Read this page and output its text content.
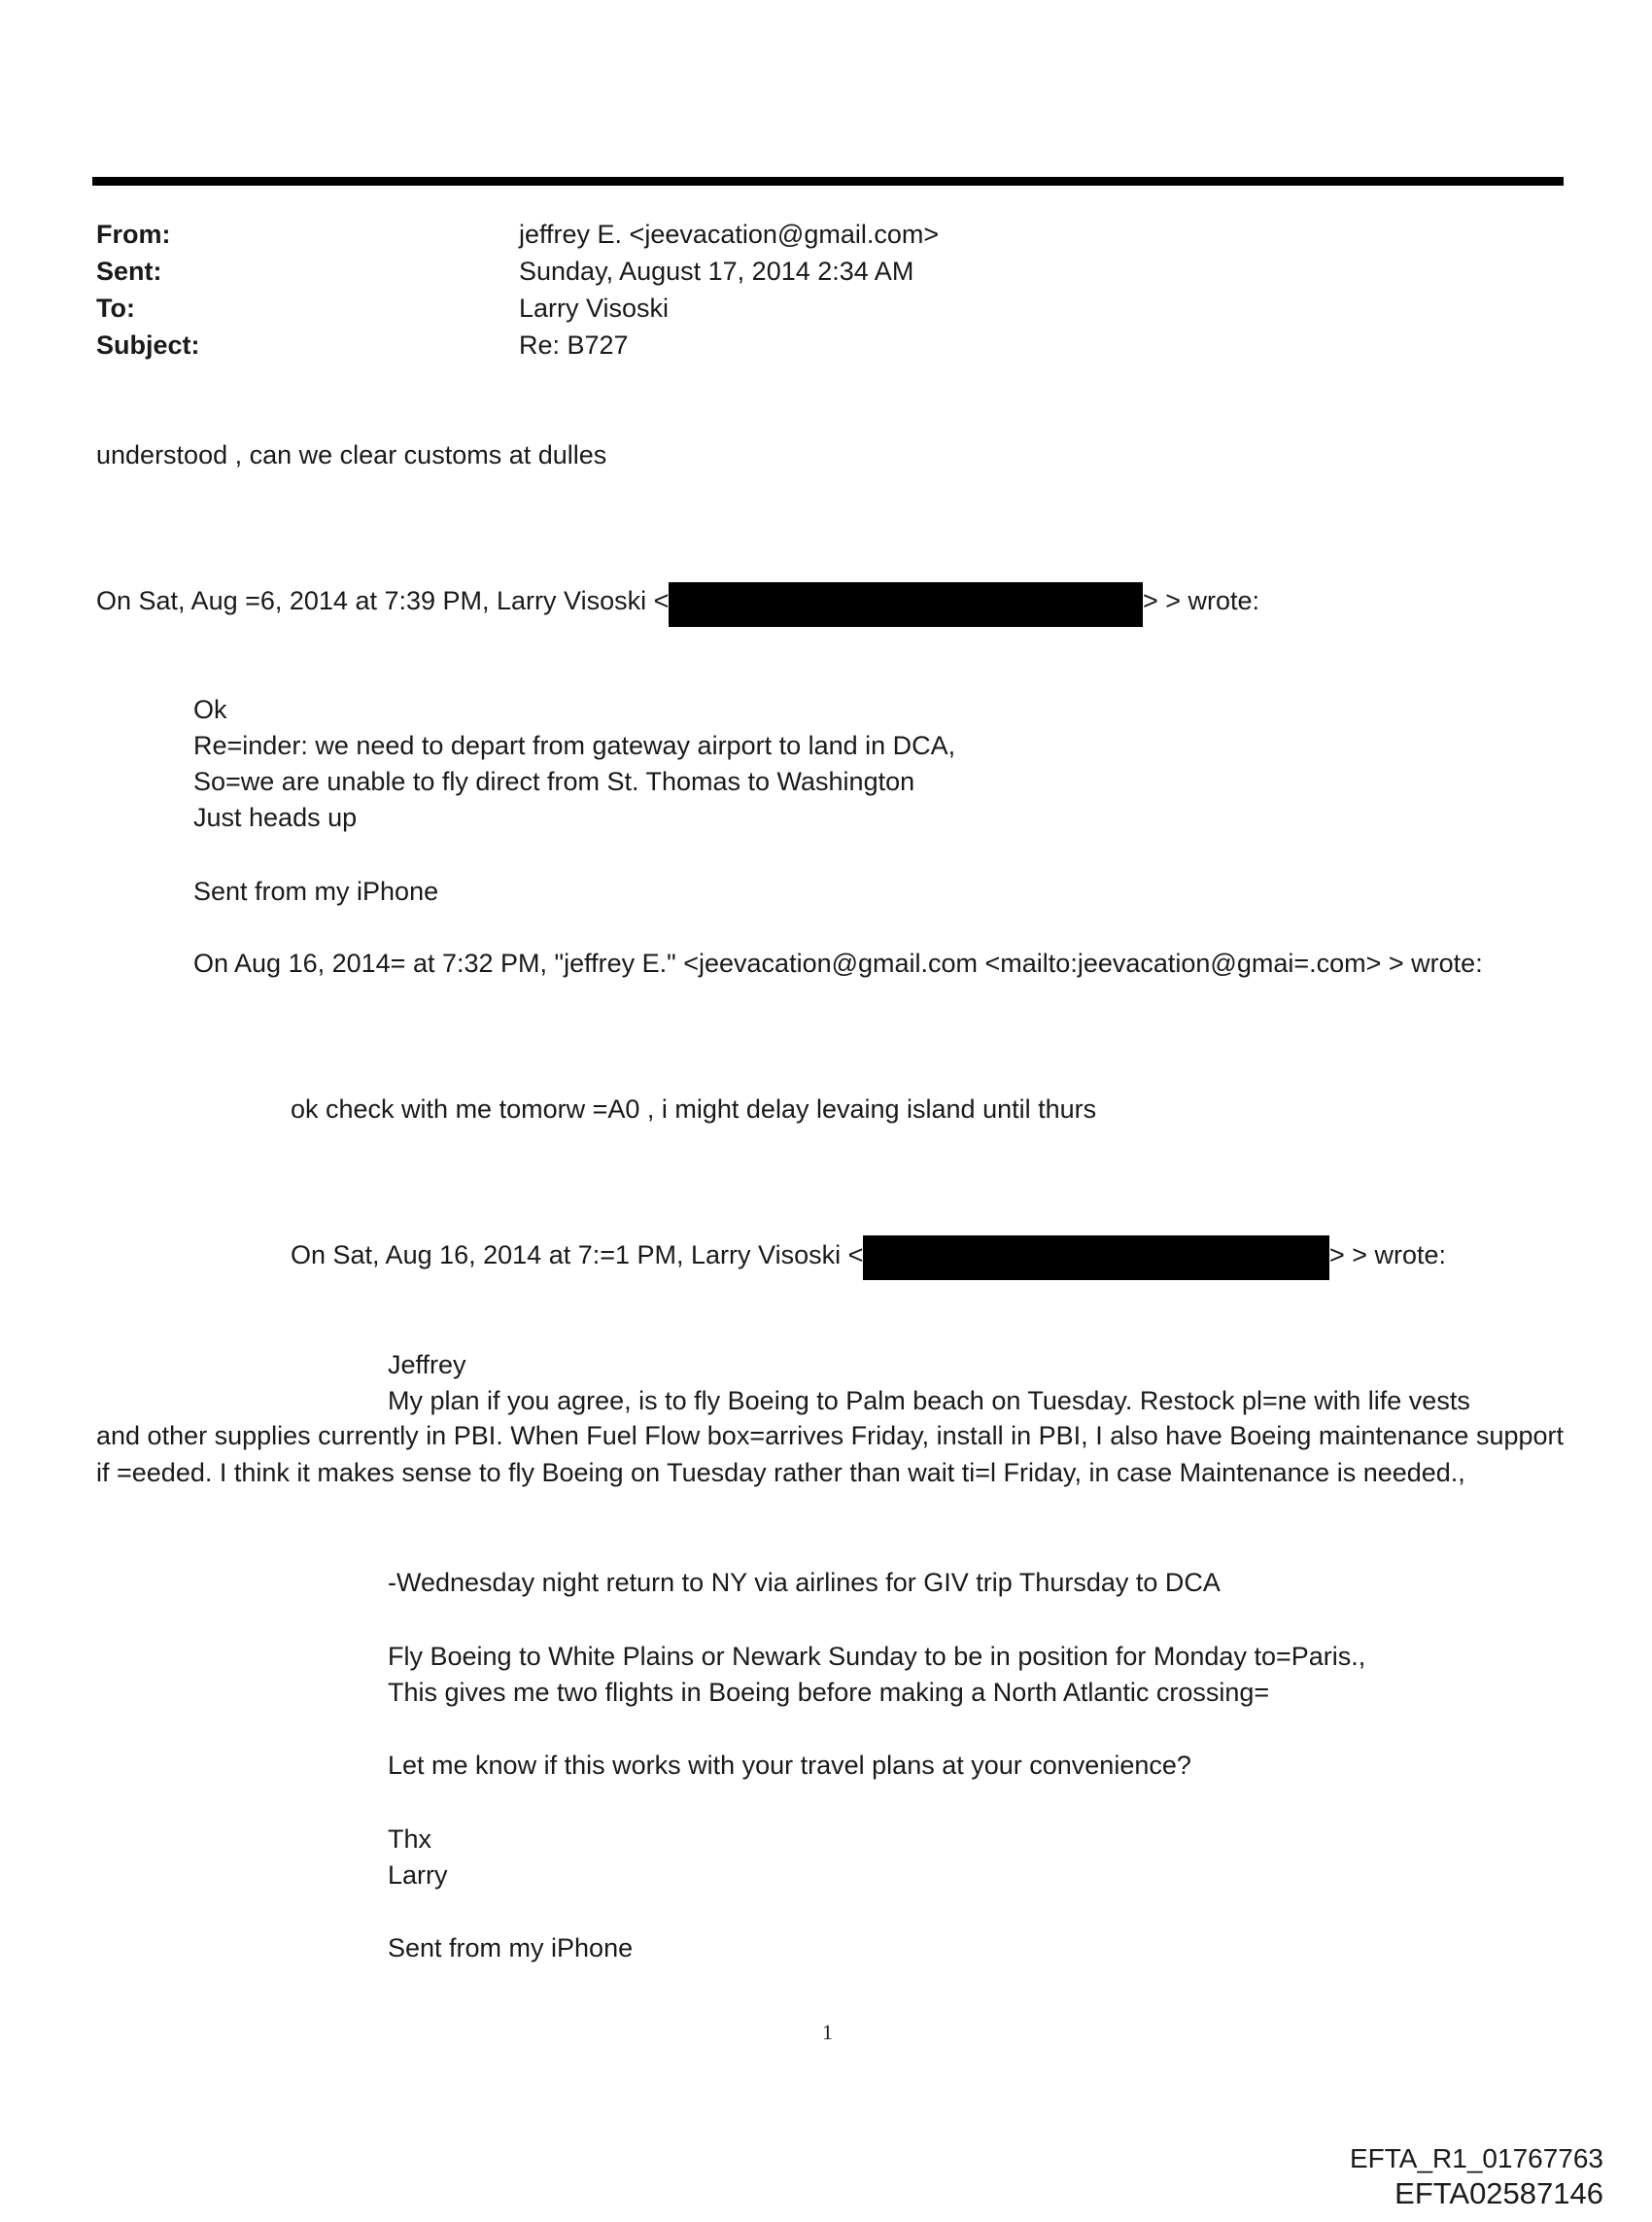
From:	jeffrey E. <jeevacation@gmail.com>
Sent:	Sunday, August 17, 2014 2:34 AM
To:	Larry Visoski
Subject:	Re: B727
understood , can we clear customs at dulles
On Sat, Aug =6, 2014 at 7:39 PM, Larry Visoski <	> > wrote:
Ok
Re=inder: we need to depart from gateway airport to land in DCA,
So=we are unable to fly direct from St. Thomas to Washington
Just heads up
Sent from my iPhone
On Aug 16, 2014= at 7:32 PM, "jeffrey E." <jeevacation@gmail.com <mailto:jeevacation@gmai=.com> > wrote:
ok check with me tomorw =A0 , i might delay levaing island until thurs
On Sat, Aug 16, 2014 at 7:=1 PM, Larry Visoski <	> > wrote:
Jeffrey
My plan if you agree, is to fly Boeing to Palm beach on Tuesday. Restock pl=ne with life vests
and other supplies currently in PBI. When Fuel Flow box=arrives Friday, install in PBI, I also have Boeing maintenance support if =eeded. I think it makes sense to fly Boeing on Tuesday rather than wait ti=l Friday, in case Maintenance is needed.,
-Wednesday night return to NY via airlines for GIV trip Thursday to DCA
Fly Boeing to White Plains or Newark Sunday to be in position for Monday to=Paris.,
This gives me two flights in Boeing before making a North Atlantic crossing=
Let me know if this works with your travel plans at your convenience?
Thx
Larry
Sent from my iPhone
1
EFTA_R1_01767763
EFTA02587146
